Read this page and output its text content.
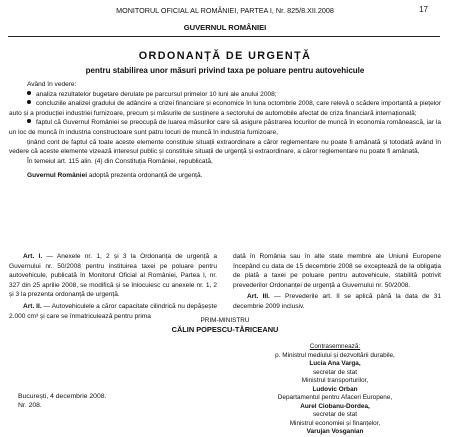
MONITORUL OFICIAL AL ROMÂNIEI, PARTEA I, Nr. 825/8.XII.2008	17
GUVERNUL ROMÂNIEI
ORDONANȚĂ DE URGENȚĂ
pentru stabilirea unor măsuri privind taxa pe poluare pentru autovehicule

Având în vedere:

analiza rezultatelor bugetare derulate pe parcursul primelor 10 luni ale anului 2008;

concluziile analizei gradului de adâncire a crizei financiare și economice în luna octombrie 2008, care relevă o scădere importantă a piețelor auto și a producției industriei furnizoare, precum și măsurile de susținere a sectorului de automobile afectat de criza financiară internațională;

faptul că Guvernul României se preocupă de luarea măsurilor care să asigure păstrarea locurilor de muncă în economia românească, iar la un loc de muncă în industria constructoare sunt patru locuri de muncă în industria furnizoare,

ținând cont de faptul că toate aceste elemente constituie situații extraordinare a căror reglementare nu poate fi amânată și totodată având în vedere că aceste elemente vizează interesul public și constituie situații de urgență și extraordinare, a căror reglementare nu poate fi amânată,

În temeiul art. 115 alin. (4) din Constituția României, republicată,

Guvernul României adoptă prezenta ordonanță de urgență.

Art. I. — Anexele nr. 1, 2 și 3 la Ordonanța de urgență a Guvernului nr. 50/2008 pentru instituirea taxei pe poluare pentru autovehicule, publicată în Monitorul Oficial al României, Partea I, nr. 327 din 25 aprilie 2008, se modifică și se înlocuiesc cu anexele nr. 1, 2 și 3 la prezenta ordonanță de urgență.

Art. II. — Autovehiculele a căror capacitate cilindrică nu depășește 2.000 cm³ și care se înmatriculează pentru prima

dată în România sau în alte state membre ale Uniunii Europene începând cu data de 15 decembrie 2008 se exceptează de la obligația de plată a taxei pe poluare pentru autovehicule, stabilită potrivit prevederilor Ordonanței de urgență a Guvernului nr. 50/2008.

Art. III. — Prevederile art. II se aplică până la data de 31 decembrie 2009 inclusiv.

PRIM-MINISTRU
CĂLIN POPESCU-TĂRICEANU
Contrasemnează:
p. Ministrul mediului și dezvoltării durabile,
Lucia Ana Varga,
secretar de stat
Ministrul transporturilor,
Ludovic Orban
Departamentul pentru Afaceri Europene,
Aurel Ciobanu-Dordea,
secretar de stat
Ministrul economiei și finanțelor,
Varujan Vosganian
București, 4 decembrie 2008.
Nr. 208.
